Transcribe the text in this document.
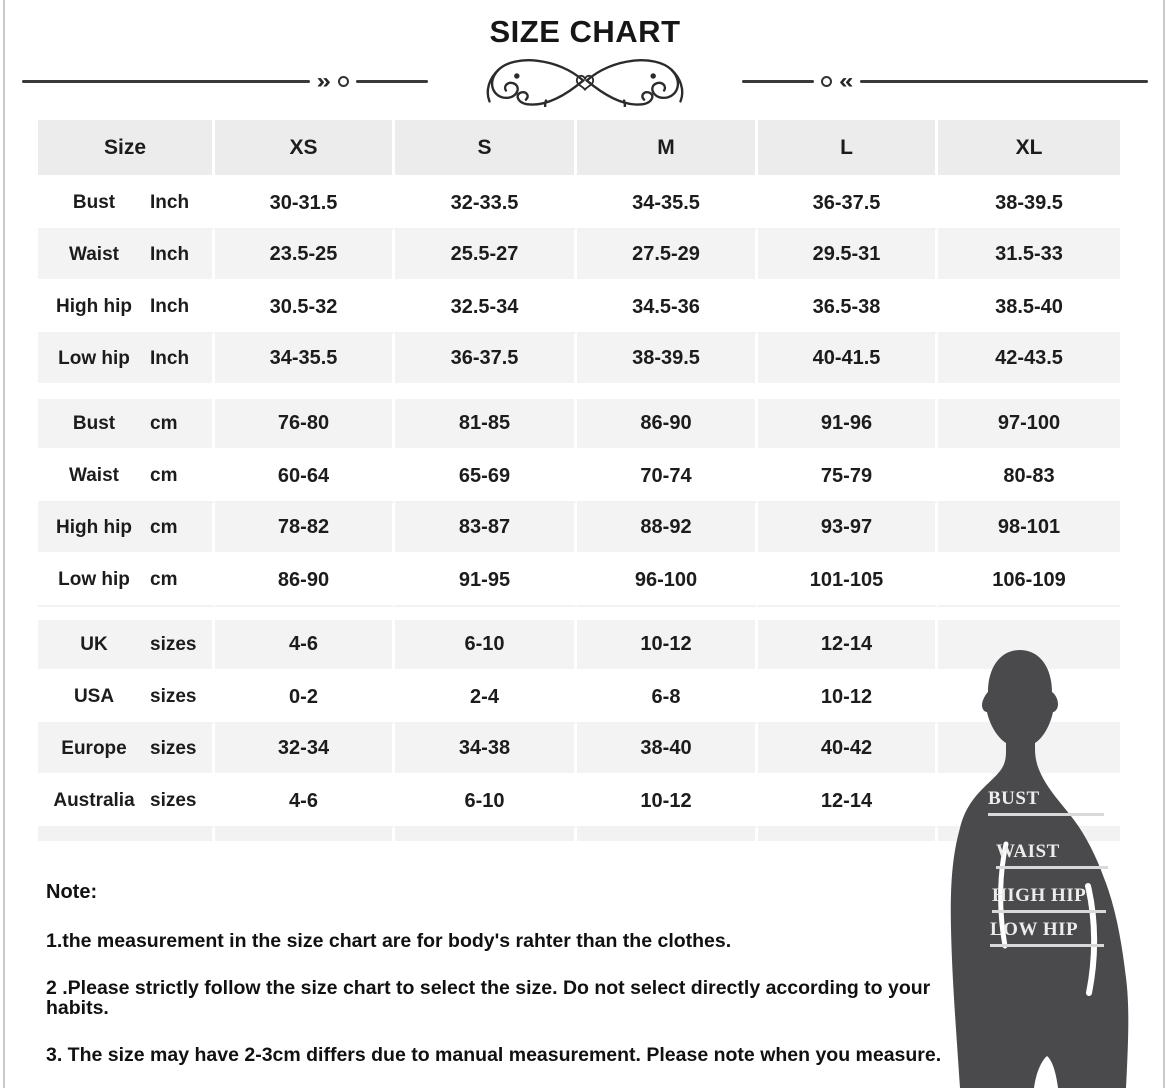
SIZE CHART
»	«
Size	XS	S	M	L	XL
Bust	Inch	30-31.5	32-33.5	34-35.5	36-37.5	38-39.5
Waist	Inch	23.5-25	25.5-27	27.5-29	29.5-31	31.5-33
High hip Inch	30.5-32	32.5-34	34.5-36	36.5-38	38.5-40
Low hip	Inch	34-35.5	36-37.5	38-39.5	40-41.5	42-43.5
Bust	cm	76-80	81-85	86-90	91-96	97-100
Waist	cm	60-64	65-69	70-74	75-79	80-83
High hip cm	78-82	83-87	88-92	93-97	98-101
Low hip	cm	86-90	91-95	96-100	101-105	106-109
UK	sizes	4-6	6-10	10-12	12-14
USA	sizes	0-2	2-4	6-8	10-12
Europe	sizes	32-34	34-38	38-40	40-42
Australia sizes	4-6	6-10	10-12	12-14

Note:

1.the measurement in the size chart are for body's rahter than the clothes.

2 .Please strictly follow the size chart to select the size. Do not select directly according to your habits.

3. The size may have 2-3cm differs due to manual measurement. Please note when you measure.

BUST
WAIST
HIGH HIP
LOW HIP
